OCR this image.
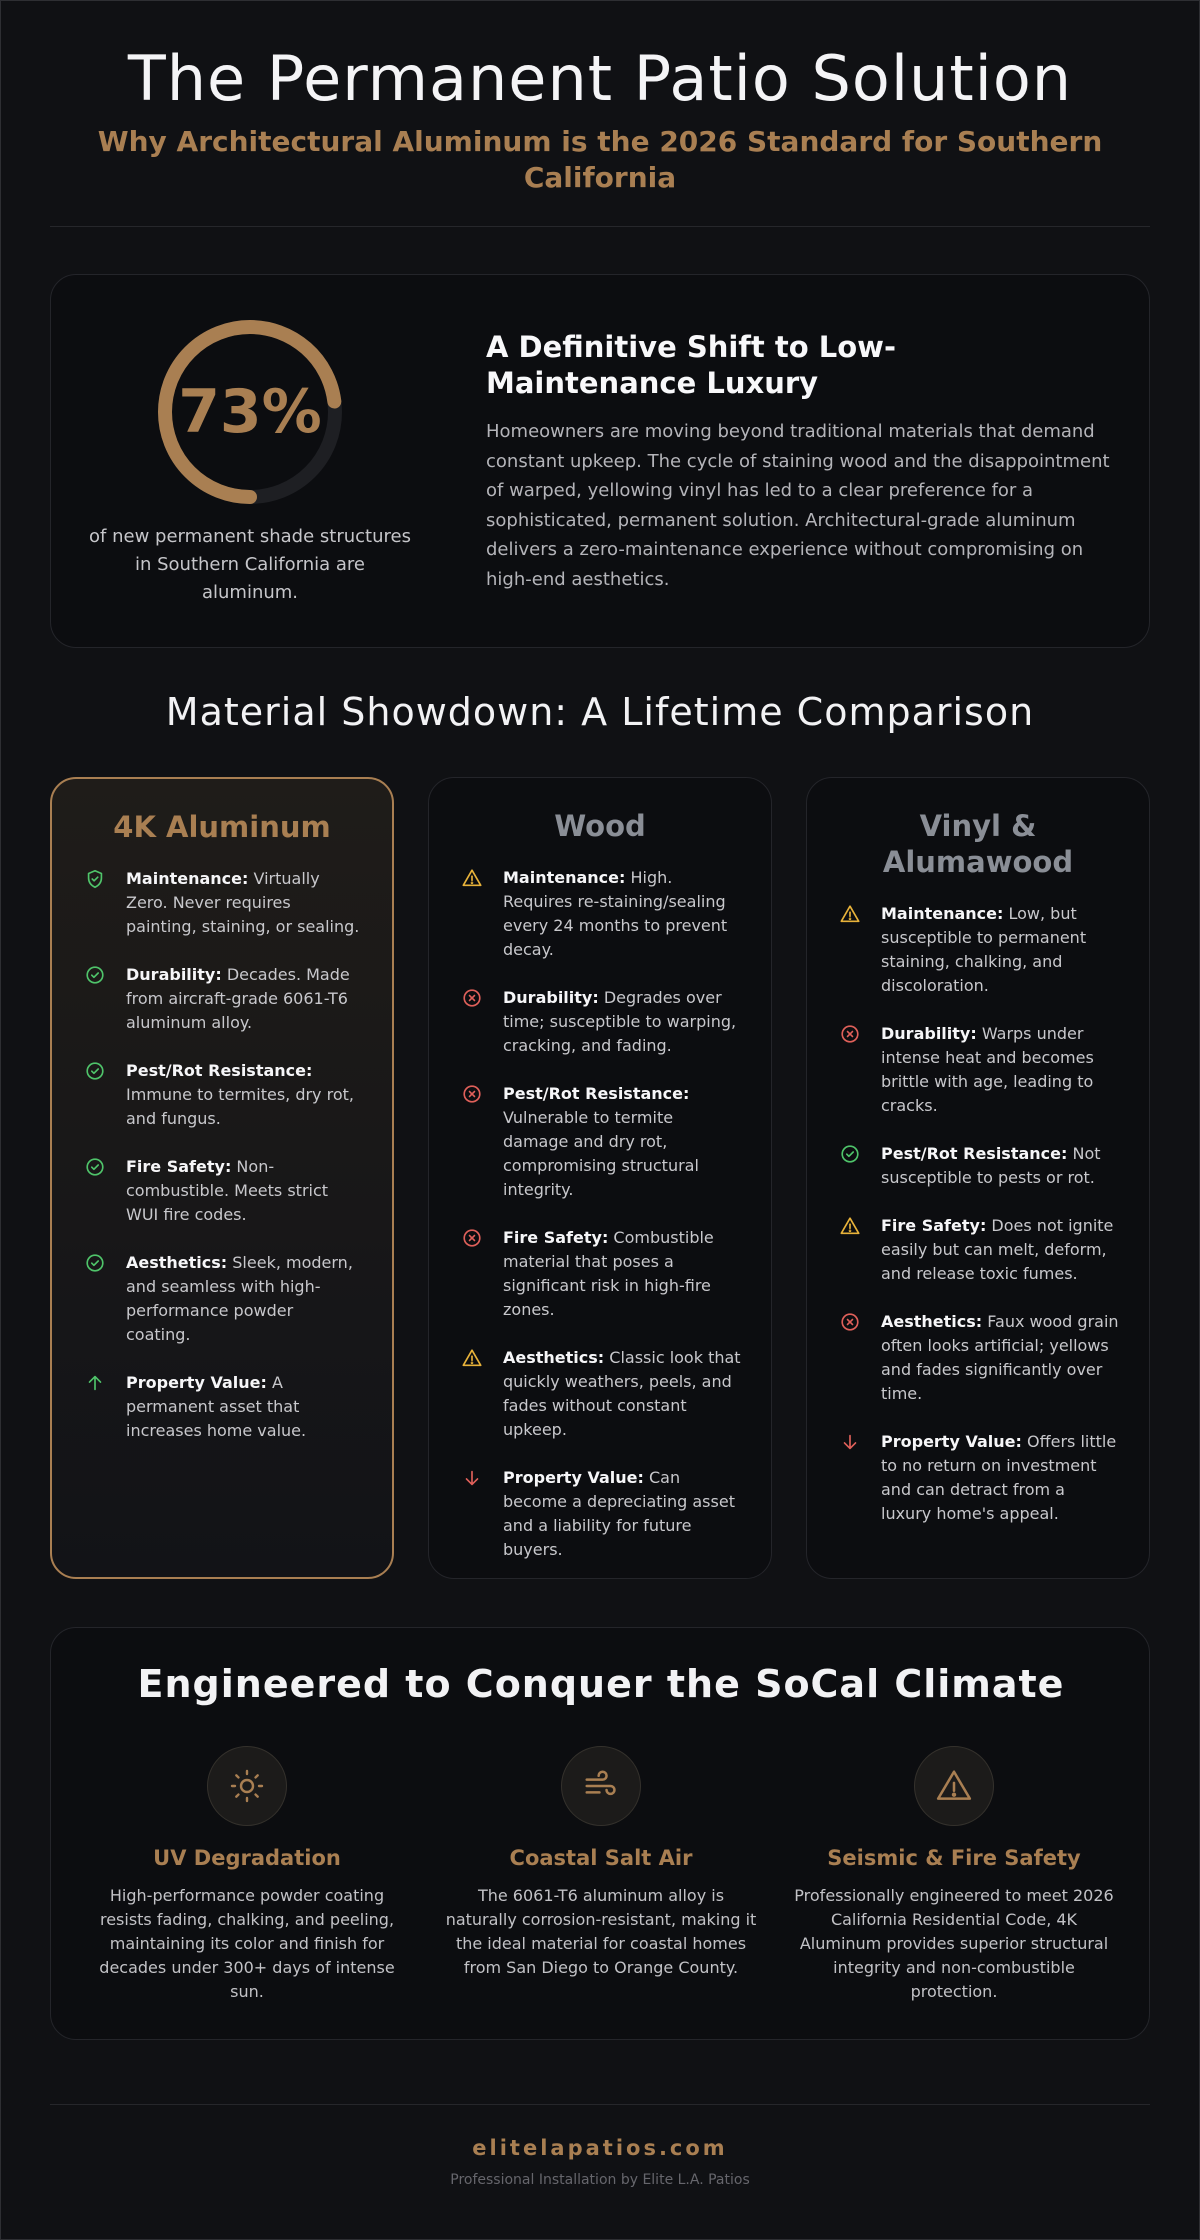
The Permanent Patio Solution
Why Architectural Aluminum is the 2026 Standard for Southern California
73%

of new permanent shade structures in Southern California are aluminum.

A Definitive Shift to Low-Maintenance Luxury

Homeowners are moving beyond traditional materials that demand constant upkeep. The cycle of staining wood and the disappointment of warped, yellowing vinyl has led to a clear preference for a sophisticated, permanent solution. Architectural-grade aluminum delivers a zero-maintenance experience without compromising on high-end aesthetics.

Material Showdown: A Lifetime Comparison
4K Aluminum
Maintenance: Virtually Zero. Never requires painting, staining, or sealing.
Durability: Decades. Made from aircraft-grade 6061-T6 aluminum alloy.
Pest/Rot Resistance: Immune to termites, dry rot, and fungus.
Fire Safety: Non-combustible. Meets strict WUI fire codes.
Aesthetics: Sleek, modern, and seamless with high-performance powder coating.
Property Value: A permanent asset that increases home value.
Wood
Maintenance: High. Requires re-staining/sealing every 24 months to prevent decay.
Durability: Degrades over time; susceptible to warping, cracking, and fading.
Pest/Rot Resistance: Vulnerable to termite damage and dry rot, compromising structural integrity.
Fire Safety: Combustible material that poses a significant risk in high-fire zones.
Aesthetics: Classic look that quickly weathers, peels, and fades without constant upkeep.
Property Value: Can become a depreciating asset and a liability for future buyers.
Vinyl & Alumawood
Maintenance: Low, but susceptible to permanent staining, chalking, and discoloration.
Durability: Warps under intense heat and becomes brittle with age, leading to cracks.
Pest/Rot Resistance: Not susceptible to pests or rot.
Fire Safety: Does not ignite easily but can melt, deform, and release toxic fumes.
Aesthetics: Faux wood grain often looks artificial; yellows and fades significantly over time.
Property Value: Offers little to no return on investment and can detract from a luxury home's appeal.
Engineered to Conquer the SoCal Climate
UV Degradation

High-performance powder coating resists fading, chalking, and peeling, maintaining its color and finish for decades under 300+ days of intense sun.

Coastal Salt Air

The 6061-T6 aluminum alloy is naturally corrosion-resistant, making it the ideal material for coastal homes from San Diego to Orange County.

Seismic & Fire Safety

Professionally engineered to meet 2026 California Residential Code, 4K Aluminum provides superior structural integrity and non-combustible protection.

elitelapatios.com
Professional Installation by Elite L.A. Patios
